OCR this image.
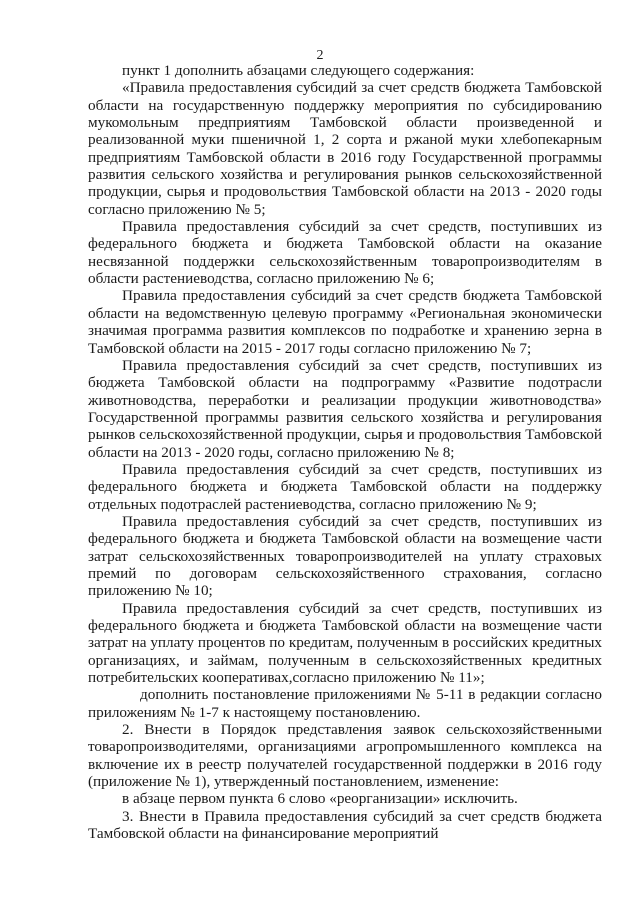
2

пункт 1 дополнить абзацами следующего содержания:

«Правила предоставления субсидий за счет средств бюджета Тамбовской области на государственную поддержку мероприятия по субсидированию мукомольным предприятиям Тамбовской области произведенной и реализованной муки пшеничной 1, 2 сорта и ржаной муки хлебопекарным предприятиям Тамбовской области в 2016 году Государственной программы развития сельского хозяйства и регулирования рынков сельскохозяйственной продукции, сырья и продовольствия Тамбовской области на 2013 - 2020 годы согласно приложению № 5;

Правила предоставления субсидий за счет средств, поступивших из федерального бюджета и бюджета Тамбовской области на оказание несвязанной поддержки сельскохозяйственным товаропроизводителям в области растениеводства, согласно приложению № 6;

Правила предоставления субсидий за счет средств бюджета Тамбовской области на ведомственную целевую программу «Региональная экономически значимая программа развития комплексов по подработке и хранению зерна в Тамбовской области на 2015 - 2017 годы согласно приложению № 7;

Правила предоставления субсидий за счет средств, поступивших из бюджета Тамбовской области на подпрограмму «Развитие подотрасли животноводства, переработки и реализации продукции животноводства» Государственной программы развития сельского хозяйства и регулирования рынков сельскохозяйственной продукции, сырья и продовольствия Тамбовской области на 2013 - 2020 годы, согласно приложению № 8;

Правила предоставления субсидий за счет средств, поступивших из федерального бюджета и бюджета Тамбовской области на поддержку отдельных подотраслей растениеводства, согласно приложению № 9;

Правила предоставления субсидий за счет средств, поступивших из федерального бюджета и бюджета Тамбовской области на возмещение части затрат сельскохозяйственных товаропроизводителей на уплату страховых премий по договорам сельскохозяйственного страхования, согласно приложению № 10;

Правила предоставления субсидий за счет средств, поступивших из федерального бюджета и бюджета Тамбовской области на возмещение части затрат на уплату процентов по кредитам, полученным в российских кредитных организациях, и займам, полученным в сельскохозяйственных кредитных потребительских кооперативах,согласно приложению № 11»;

дополнить постановление приложениями № 5-11 в редакции согласно приложениям № 1-7 к настоящему постановлению.

2. Внести в Порядок представления заявок сельскохозяйственными товаропроизводителями, организациями агропромышленного комплекса на включение их в реестр получателей государственной поддержки в 2016 году (приложение № 1), утвержденный постановлением, изменение:

в абзаце первом пункта 6 слово «реорганизации» исключить.

3. Внести в Правила предоставления субсидий за счет средств бюджета Тамбовской области на финансирование мероприятий
